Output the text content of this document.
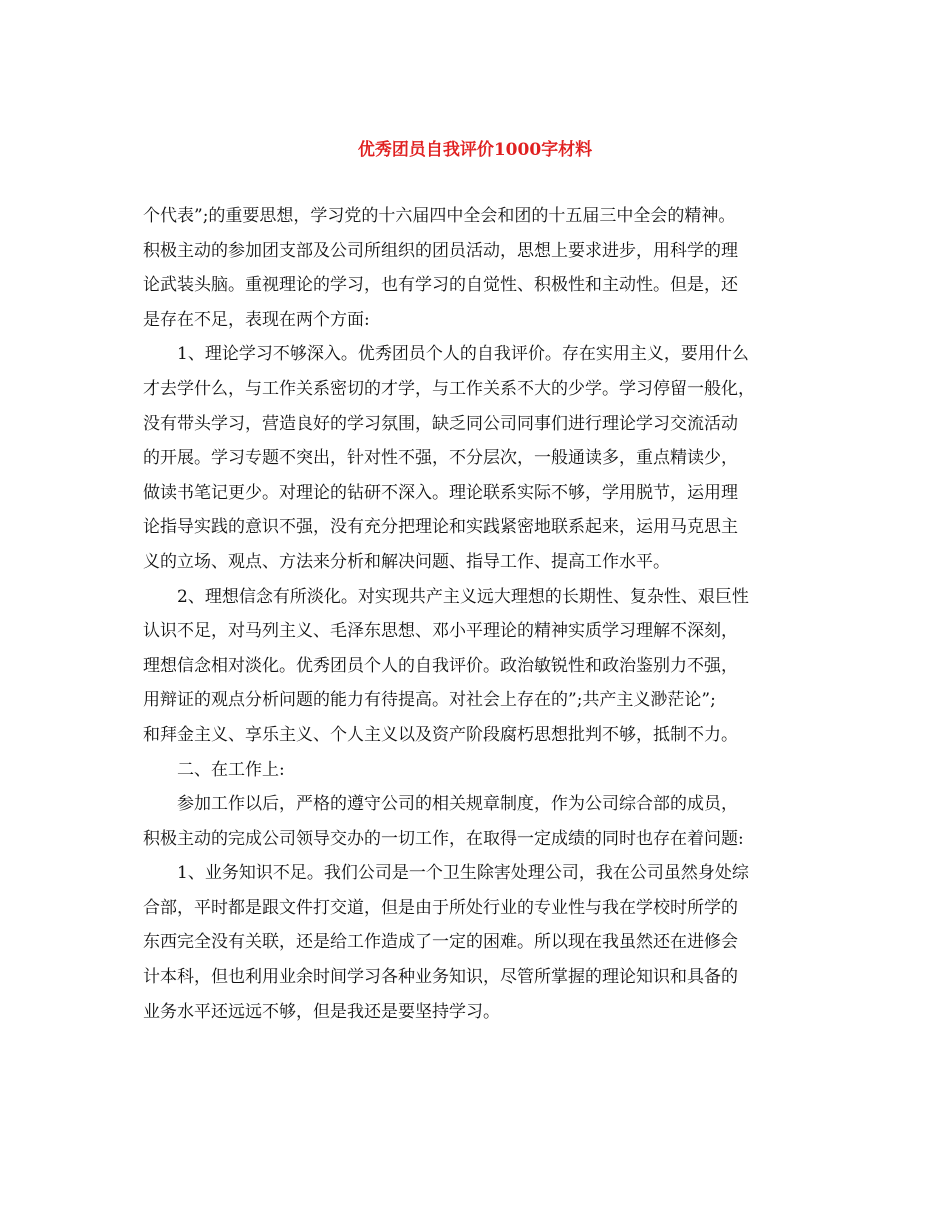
优秀团员自我评价1000字材料
个代表”;的重要思想，学习党的十六届四中全会和团的十五届三中全会的精神。
积极主动的参加团支部及公司所组织的团员活动，思想上要求进步，用科学的理
论武装头脑。重视理论的学习，也有学习的自觉性、积极性和主动性。但是，还
是存在不足，表现在两个方面:
1、理论学习不够深入。优秀团员个人的自我评价。存在实用主义，要用什么
才去学什么，与工作关系密切的才学，与工作关系不大的少学。学习停留一般化，
没有带头学习，营造良好的学习氛围，缺乏同公司同事们进行理论学习交流活动
的开展。学习专题不突出，针对性不强，不分层次，一般通读多，重点精读少，
做读书笔记更少。对理论的钻研不深入。理论联系实际不够，学用脱节，运用理
论指导实践的意识不强，没有充分把理论和实践紧密地联系起来，运用马克思主
义的立场、观点、方法来分析和解决问题、指导工作、提高工作水平。
2、理想信念有所淡化。对实现共产主义远大理想的长期性、复杂性、艰巨性
认识不足，对马列主义、毛泽东思想、邓小平理论的精神实质学习理解不深刻，
理想信念相对淡化。优秀团员个人的自我评价。政治敏锐性和政治鉴别力不强，
用辩证的观点分析问题的能力有待提高。对社会上存在的”;共产主义渺茫论”;
和拜金主义、享乐主义、个人主义以及资产阶段腐朽思想批判不够，抵制不力。
二、在工作上:
参加工作以后，严格的遵守公司的相关规章制度，作为公司综合部的成员，
积极主动的完成公司领导交办的一切工作，在取得一定成绩的同时也存在着问题:
1、业务知识不足。我们公司是一个卫生除害处理公司，我在公司虽然身处综
合部，平时都是跟文件打交道，但是由于所处行业的专业性与我在学校时所学的
东西完全没有关联，还是给工作造成了一定的困难。所以现在我虽然还在进修会
计本科，但也利用业余时间学习各种业务知识，尽管所掌握的理论知识和具备的
业务水平还远远不够，但是我还是要坚持学习。
